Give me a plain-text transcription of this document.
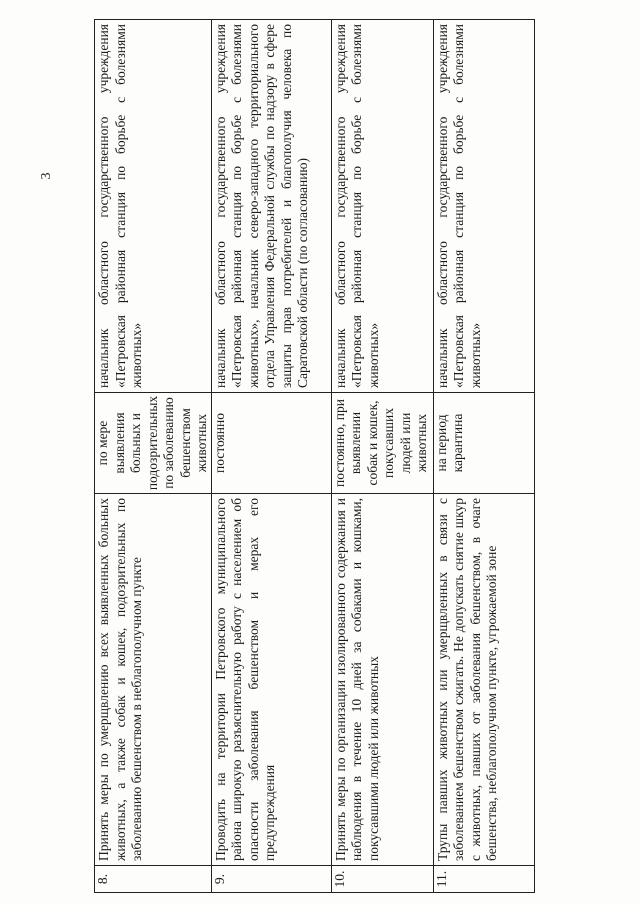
3
8.	Принять меры по умерщвлению всех выявленных больных животных, а также собак и кошек, подозрительных по заболеванию бешенством в неблагополучном пункте	по мере выявления больных и подозрительных по заболеванию бешенством животных	начальник областного государственного учреждения «Петровская районная станция по борьбе с болезнями животных»
9.	Проводить на территории Петровского муниципального района широкую разъяснительную работу с населением об опасности заболевания бешенством и мерах его предупреждения	постоянно	начальник областного государственного учреждения «Петровская районная станция по борьбе с болезнями животных», начальник северо-западного территориального отдела Управления Федеральной службы по надзору в сфере защиты прав потребителей и благополучия человека по Саратовской области (по согласованию)
10.	Принять меры по организации изолированного содержания и наблюдения в течение 10 дней за собаками и кошками, покусавшими людей или животных	постоянно, при выявлении собак и кошек, покусавших людей или животных	начальник областного государственного учреждения «Петровская районная станция по борьбе с болезнями животных»
11.	Трупы павших животных или умерщвленных в связи с заболеванием бешенством сжигать. Не допускать снятие шкур с животных, павших от заболевания бешенством, в очаге бешенства, неблагополучном пункте, угрожаемой зоне	на период карантина	начальник областного государственного учреждения «Петровская районная станция по борьбе с болезнями животных»
